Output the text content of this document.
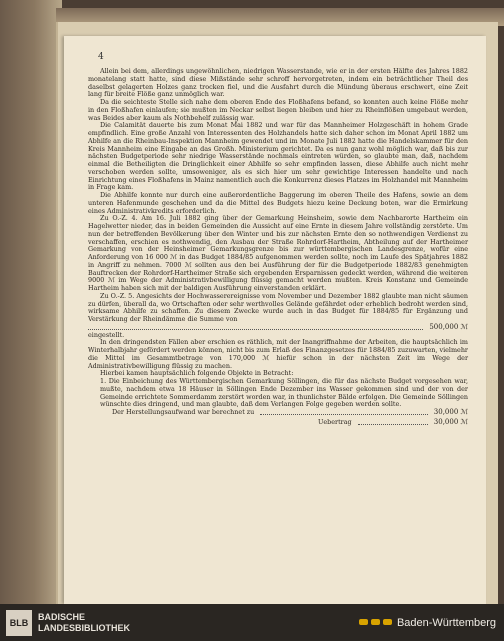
4

Allein bei dem, allerdings ungewöhnlichen, niedrigen Wasserstande, wie er in der ersten Hälfte des Jahres 1882 monatelang statt hatte, sind diese Mißstände sehr schroff hervorgetreten, indem ein beträchtlicher Theil des daselbst gelagerten Holzes ganz trocken fiel, und die Ausfahrt durch die Mündung überaus erschwert, eine Zeit lang für breite Flöße ganz unmöglich war.

Da die seichteste Stelle sich nahe dem oberen Ende des Floßhafens befand, so konnten auch keine Flöße mehr in den Floßhafen einlaufen; sie mußten im Neckar selbst liegen bleiben und hier zu Rheinflößen umgebaut werden, was Beides aber kaum als Nothbehelf zulässig war.

Die Calamität dauerte bis zum Monat Mai 1882 und war für das Mannheimer Holzgeschäft in hohem Grade empfindlich. Eine große Anzahl von Interessenten des Holzhandels hatte sich daher schon im Monat April 1882 um Abhilfe an die Rheinbau-Inspektion Mannheim gewendet und im Monate Juli 1882 hatte die Handelskammer für den Kreis Mannheim eine Eingabe an das Großh. Ministerium gerichtet. Da es nun ganz wohl möglich war, daß bis zur nächsten Budgetperiode sehr niedrige Wasserstände nochmals eintreten würden, so glaubte man, daß, nachdem einmal die Betheiligten die Dringlichkeit einer Abhilfe so sehr empfinden lassen, diese Abhilfe auch nicht mehr verschoben werden sollte, umsoweniger, als es sich hier um sehr gewichtige Interessen handelte und nach Einrichtung eines Floßhafens in Mainz namentlich auch die Konkurrenz dieses Platzes im Holzhandel mit Mannheim in Frage kam.

Die Abhilfe konnte nur durch eine außerordentliche Baggerung im oberen Theile des Hafens, sowie an dem unteren Hafenmunde geschehen und da die Mittel des Budgets hiezu keine Deckung boten, war die Ermirkung eines Administrativkredits erforderlich.

Zu O.-Z. 4. Am 16. Juli 1882 ging über der Gemarkung Heinsheim, sowie dem Nachbarorte Hartheim ein Hagelwetter nieder, das in beiden Gemeinden die Aussicht auf eine Ernte in diesem Jahre vollständig zerstörte. Um nun der betreffenden Bevölkerung über den Winter und bis zur nächsten Ernte den so nothwendigen Verdienst zu verschaffen, erschien es nothwendig, den Ausbau der Straße Rohrdorf-Hartheim, Abtheilung auf der Hartheimer Gemarkung von der Heinsheimer Gemarkungsgrenze bis zur württembergischen Landesgrenze, wofür eine Anforderung von 16 000 ℳ in das Budget 1884/85 aufgenommen werden sollte, noch im Laufe des Spätjahres 1882 in Angriff zu nehmen. 7000 ℳ sollten aus den bei Ausführung der für die Budgetperiode 1882/83 genehmigten Bauftrecken der Rohrdorf-Hartheimer Straße sich ergebenden Ersparnissen gedeckt werden, während die weiteren 9000 ℳ im Wege der Administrativbewilligung flüssig gemacht werden mußten. Kreis Konstanz und Gemeinde Hartheim haben sich mit der baldigen Ausführung einverstanden erklärt.

Zu O.-Z. 5. Angesichts der Hochwasserereignisse vom November und Dezember 1882 glaubte man nicht säumen zu dürfen, überall da, wo Ortschaften oder sehr werthvolles Gelände gefährdet oder erheblich bedroht werden sind, wirksame Abhilfe zu schaffen. Zu diesem Zwecke wurde auch in das Budget für 1884/85 für Ergänzung und Verstärkung der Rheindämme die Summe von

500,000 ℳ

eingestellt.

In den dringendsten Fällen aber erschien es räthlich, mit der Inangriffnahme der Arbeiten, die hauptsächlich im Winterhalbjahr gefördert werden können, nicht bis zum Erlaß des Finanzgesetzes für 1884/85 zuzuwarten, vielmehr die Mittel im Gesammtbetrage von 170,000 ℳ hiefür schon in der nächsten Zeit im Wege der Administrativbewilligung flüssig zu machen.

Hierbei kamen hauptsächlich folgende Objekte in Betracht:

1. Die Einbeichung des Württembergischen Gemarkung Söllingen, die für das nächste Budget vorgesehen war, mußte, nachdem etwa 18 Häuser in Söllingen Ende Dezember ins Wasser gekommen sind und der von der Gemeinde errichtete Sommerdamm zerstört worden war, in thunlichster Bälde erfolgen. Die Gemeinde Söllingen wünschte dies dringend, und man glaubte, daß dem Verlangen Folge gegeben werden sollte.

Der Herstellungsaufwand war berechnet zu	30,000 ℳ
Uebertrag	30,000 ℳ
BLB
BADISCHE
LANDESBIBLIOTHEK	Baden-Württemberg
